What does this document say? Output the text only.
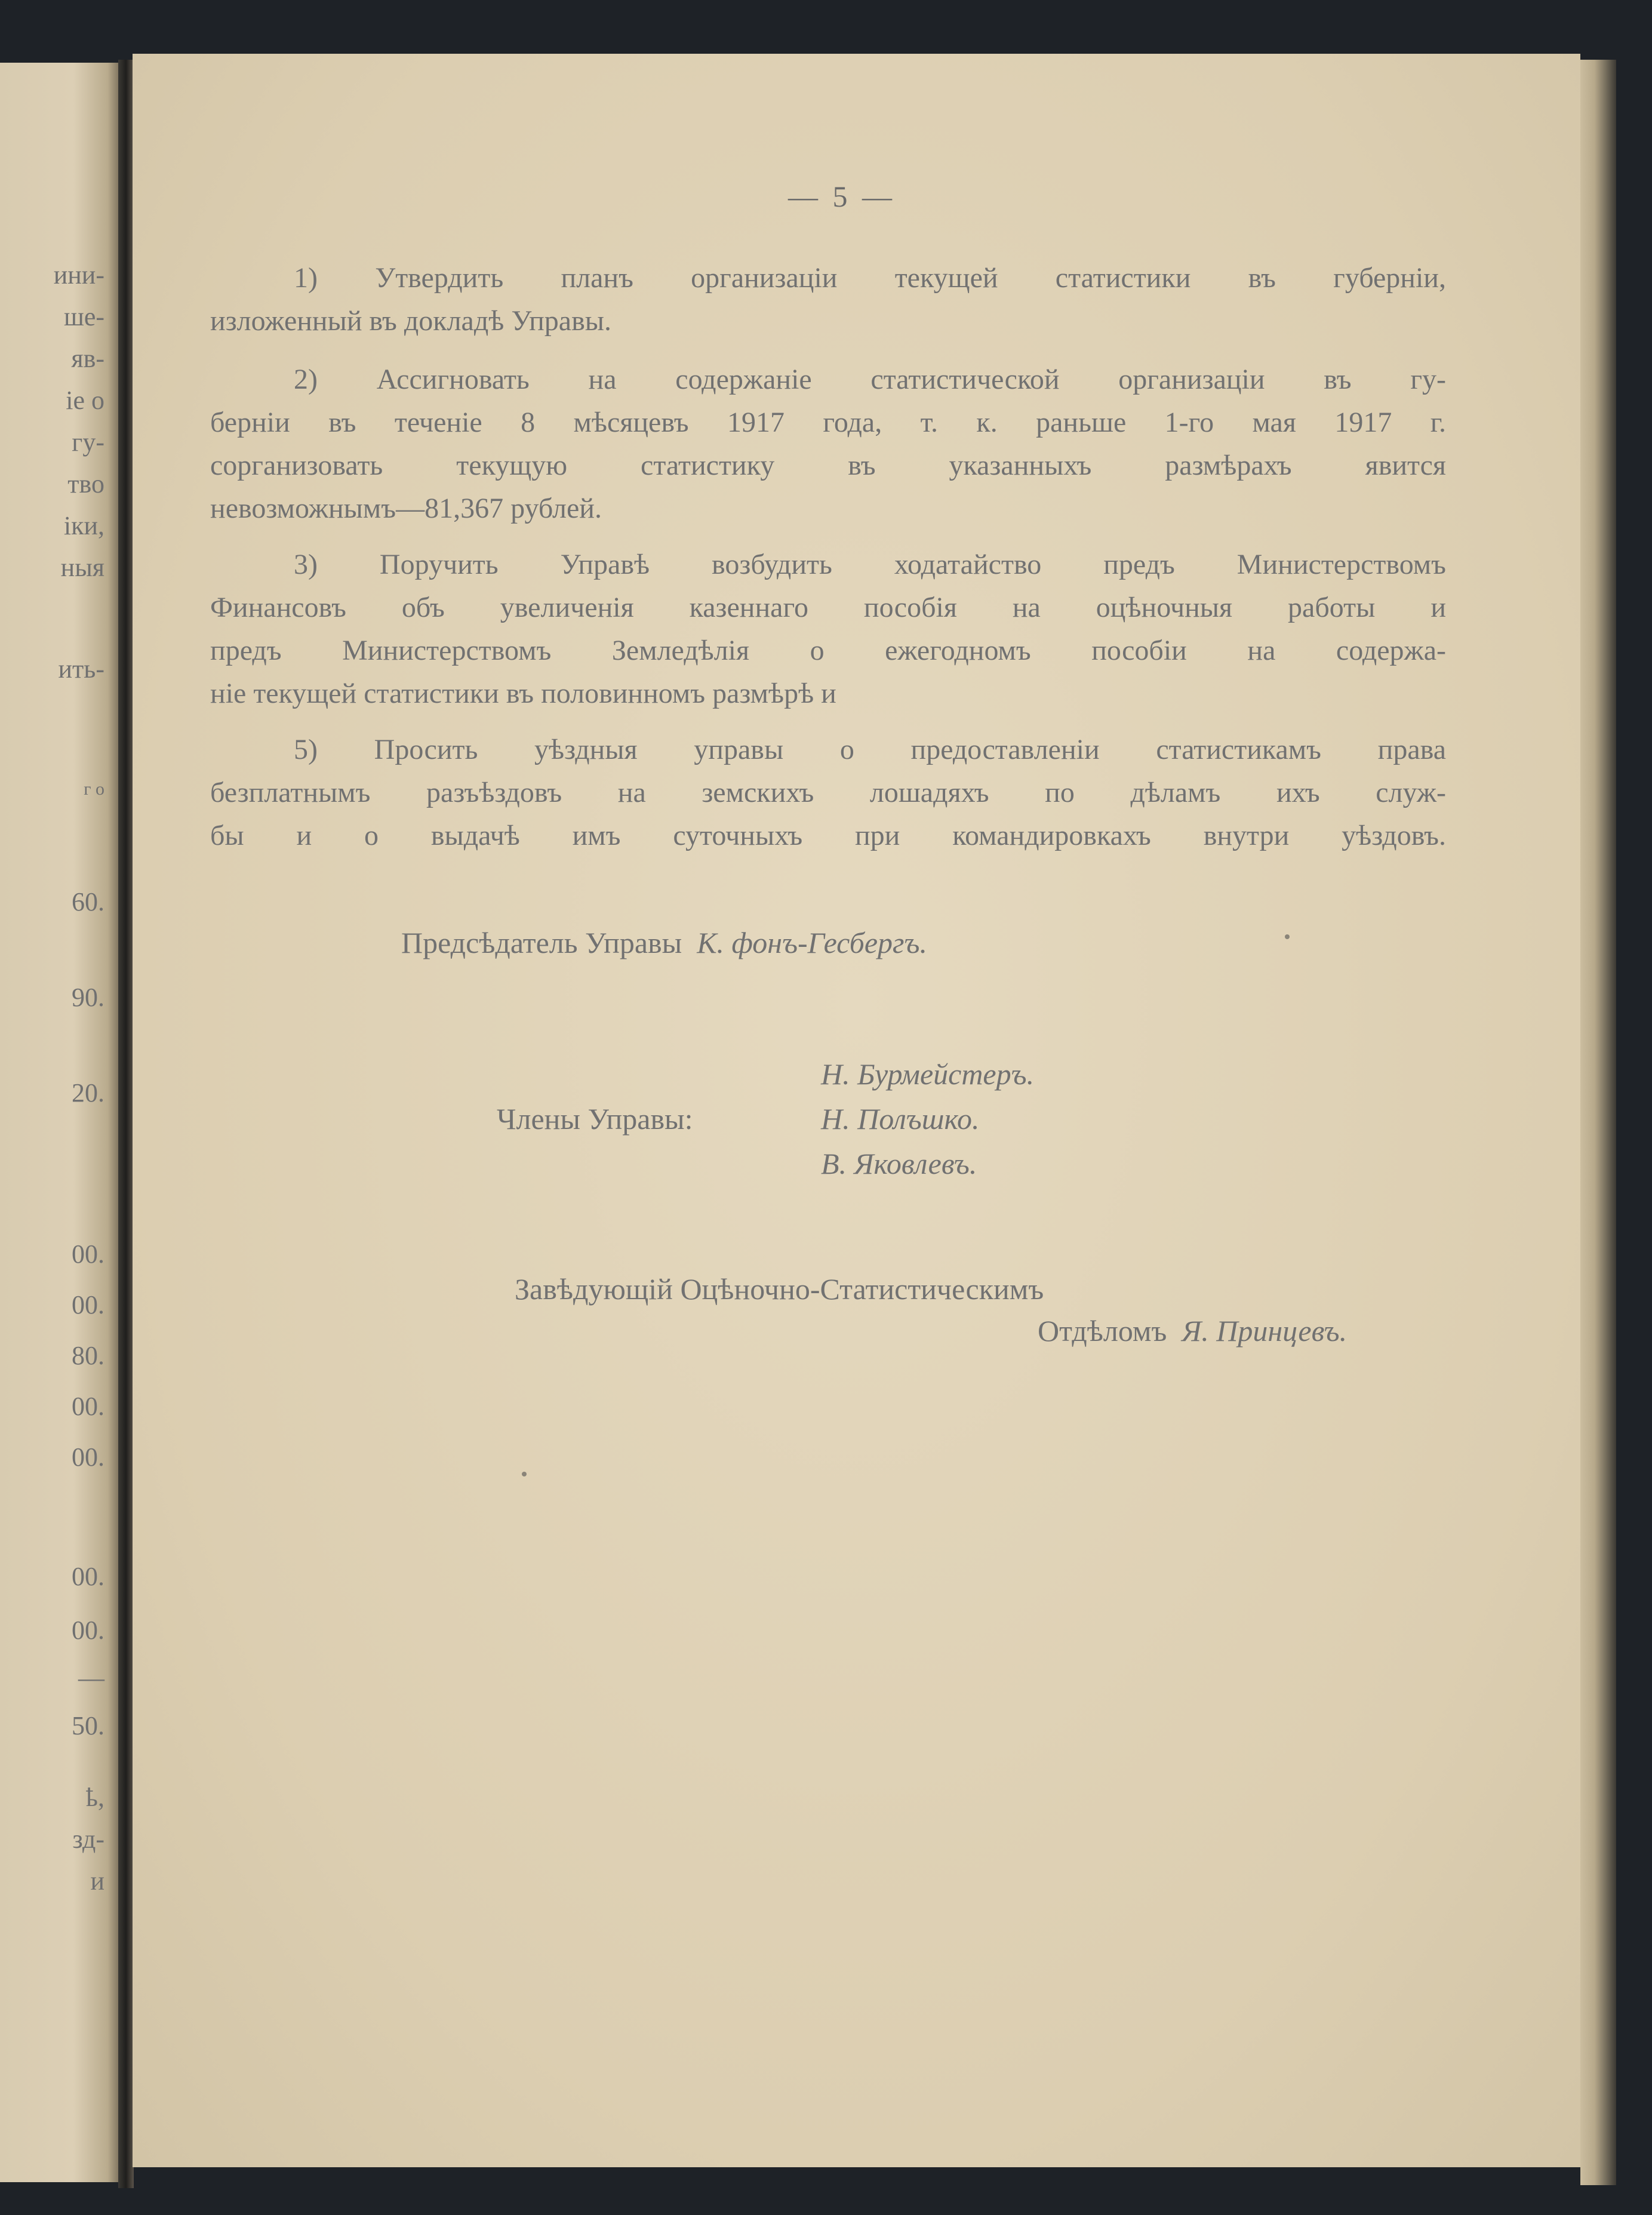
ини-
ше-
яв-
іе о
гу-
тво
іки,
ныя
ить-
г о
60.
90.
20.
00.
00.
80.
00.
00.
00.
00.
—
50.
ҍ,
зд-
и
— 5 —
1) Утвердить планъ организаціи текущей статистики въ губерніи,
изложенный въ докладѣ Управы.
2) Ассигновать на содержаніе статистической организаціи въ гу-
берніи въ теченіе 8 мѣсяцевъ 1917 года, т. к. раньше 1-го мая 1917 г.
сорганизовать текущую статистику въ указанныхъ размѣрахъ явится
невозможнымъ—81,367 рублей.
3) Поручить Управѣ возбудить ходатайство предъ Министерствомъ
Финансовъ объ увеличенія казеннаго пособія на оцѣночныя работы и
предъ Министерствомъ Земледѣлія о ежегодномъ пособіи на содержа-
ніе текущей статистики въ половинномъ размѣрѣ и
5) Просить уѣздныя управы о предоставленіи статистикамъ права
безплатнымъ разъѣздовъ на земскихъ лошадяхъ по дѣламъ ихъ служ-
бы и о выдачѣ имъ суточныхъ при командировкахъ внутри уѣздовъ.
Предсѣдатель Управы К. фонъ-Гесбергъ.
Члены Управы:
Н. Бурмейстеръ.
Н. Полъшко.
В. Яковлевъ.
Завѣдующій Оцѣночно-Статистическимъ
Отдѣломъ Я. Принцевъ.
